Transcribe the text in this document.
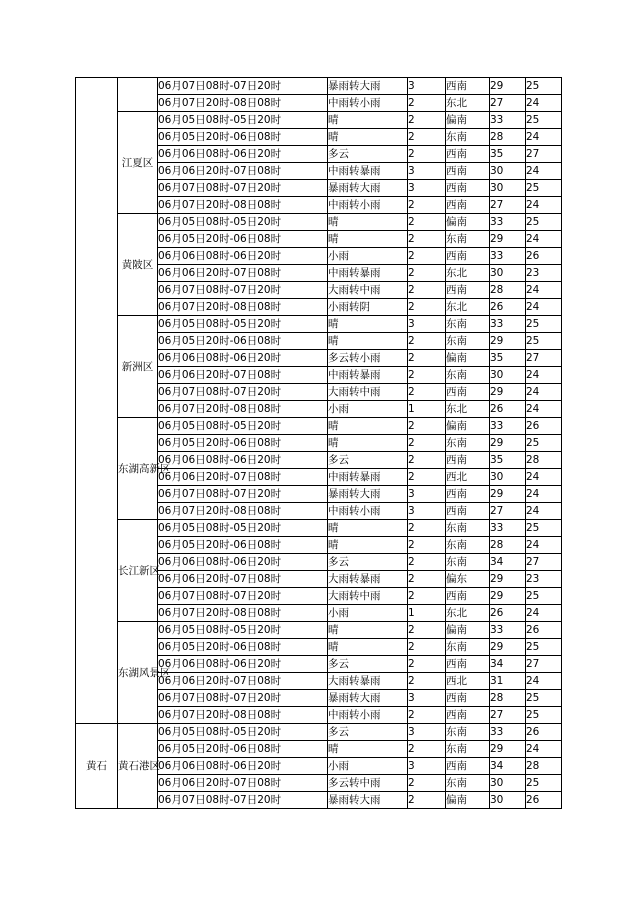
		06月07日08时-07日20时	暴雨转大雨	3	西南	29	25
		06月07日20时-08日08时	中雨转小雨	2	东北	27	24
	江夏区	06月05日08时-05日20时	晴	2	偏南	33	25
		06月05日20时-06日08时	晴	2	东南	28	24
		06月06日08时-06日20时	多云	2	西南	35	27
		06月06日20时-07日08时	中雨转暴雨	3	西南	30	24
		06月07日08时-07日20时	暴雨转大雨	3	西南	30	25
		06月07日20时-08日08时	中雨转小雨	2	西南	27	24
	黄陂区	06月05日08时-05日20时	晴	2	偏南	33	25
		06月05日20时-06日08时	晴	2	东南	29	24
		06月06日08时-06日20时	小雨	2	西南	33	26
		06月06日20时-07日08时	中雨转暴雨	2	东北	30	23
		06月07日08时-07日20时	大雨转中雨	2	西南	28	24
		06月07日20时-08日08时	小雨转阴	2	东北	26	24
	新洲区	06月05日08时-05日20时	晴	3	东南	33	25
		06月05日20时-06日08时	晴	2	东南	29	25
		06月06日08时-06日20时	多云转小雨	2	偏南	35	27
		06月06日20时-07日08时	中雨转暴雨	2	东南	30	24
		06月07日08时-07日20时	大雨转中雨	2	西南	29	24
		06月07日20时-08日08时	小雨	1	东北	26	24
	东湖高新区	06月05日08时-05日20时	晴	2	偏南	33	26
		06月05日20时-06日08时	晴	2	东南	29	25
		06月06日08时-06日20时	多云	2	西南	35	28
		06月06日20时-07日08时	中雨转暴雨	2	西北	30	24
		06月07日08时-07日20时	暴雨转大雨	3	西南	29	24
		06月07日20时-08日08时	中雨转小雨	3	西南	27	24
	长江新区	06月05日08时-05日20时	晴	2	东南	33	25
		06月05日20时-06日08时	晴	2	东南	28	24
		06月06日08时-06日20时	多云	2	东南	34	27
		06月06日20时-07日08时	大雨转暴雨	2	偏东	29	23
		06月07日08时-07日20时	大雨转中雨	2	西南	29	25
		06月07日20时-08日08时	小雨	1	东北	26	24
	东湖风景区	06月05日08时-05日20时	晴	2	偏南	33	26
		06月05日20时-06日08时	晴	2	东南	29	25
		06月06日08时-06日20时	多云	2	西南	34	27
		06月06日20时-07日08时	大雨转暴雨	2	西北	31	24
		06月07日08时-07日20时	暴雨转大雨	3	西南	28	25
		06月07日20时-08日08时	中雨转小雨	2	西南	27	25
黄石	黄石港区	06月05日08时-05日20时	多云	3	东南	33	26
		06月05日20时-06日08时	晴	2	东南	29	24
		06月06日08时-06日20时	小雨	3	西南	34	28
		06月06日20时-07日08时	多云转中雨	2	东南	30	25
		06月07日08时-07日20时	暴雨转大雨	2	偏南	30	26
